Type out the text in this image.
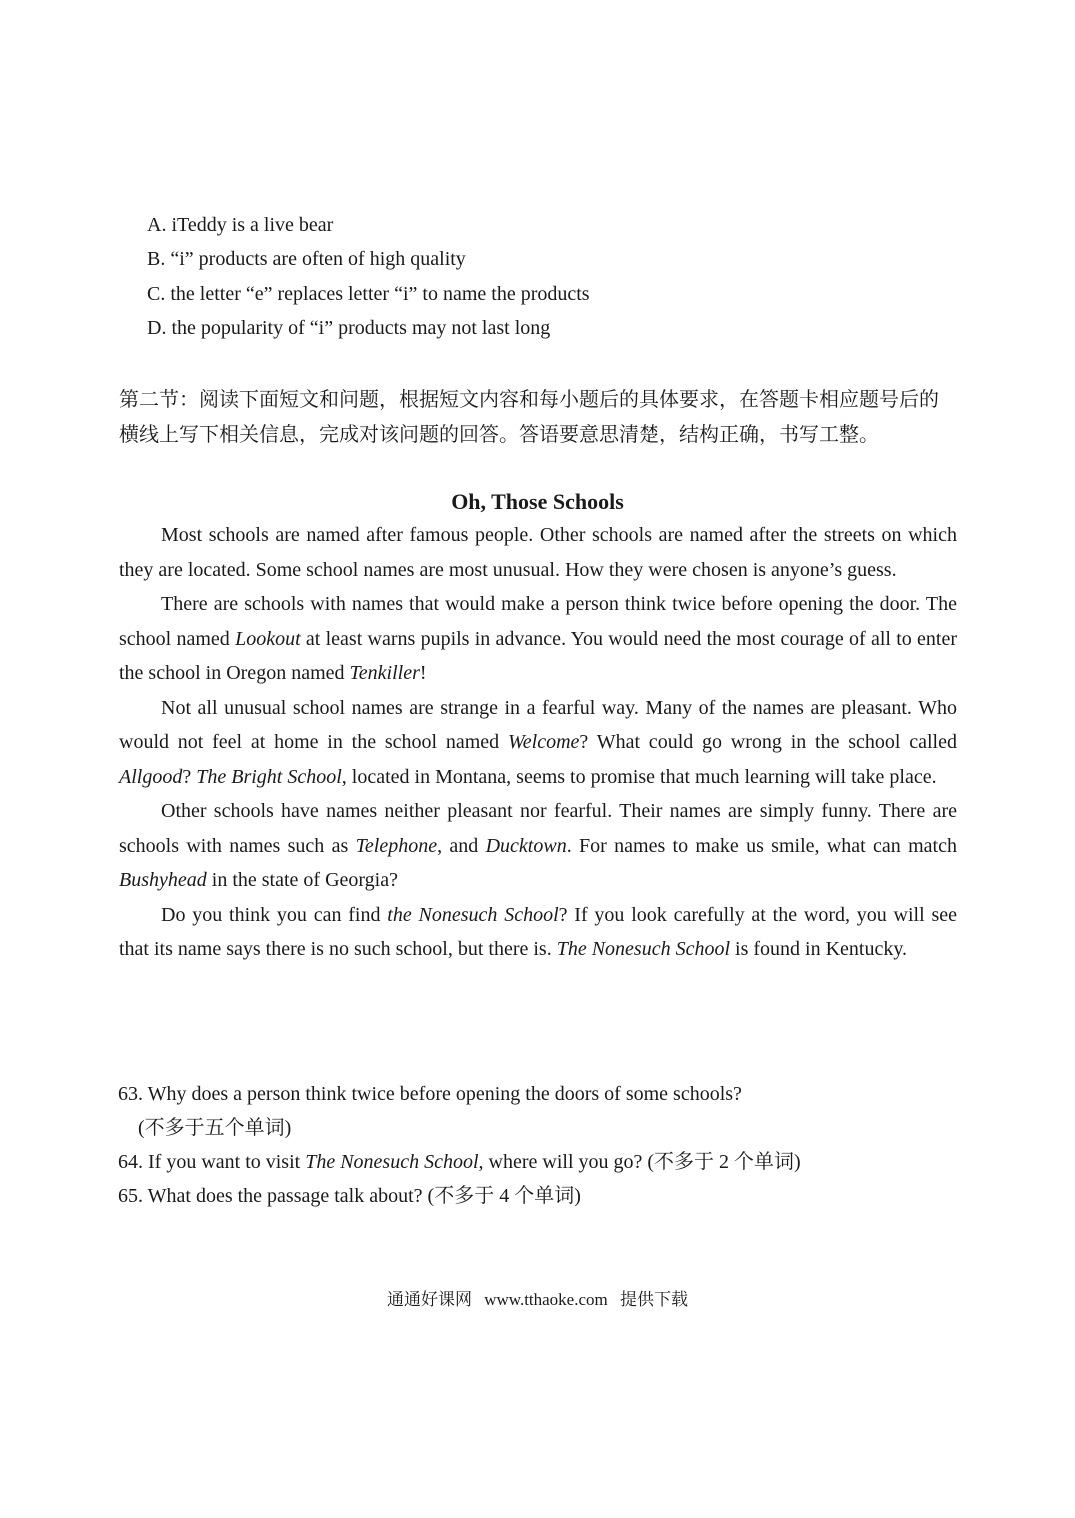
A. iTeddy is a live bear
B. “i” products are often of high quality
C. the letter “e” replaces letter “i” to name the products
D. the popularity of “i” products may not last long
第二节：阅读下面短文和问题，根据短文内容和每小题后的具体要求，在答题卡相应题号后的横线上写下相关信息，完成对该问题的回答。答语要意思清楚，结构正确，书写工整。
Oh, Those Schools

Most schools are named after famous people. Other schools are named after the streets on which they are located. Some school names are most unusual. How they were chosen is anyone’s guess.

There are schools with names that would make a person think twice before opening the door. The school named Lookout at least warns pupils in advance. You would need the most courage of all to enter the school in Oregon named Tenkiller!

Not all unusual school names are strange in a fearful way. Many of the names are pleasant. Who would not feel at home in the school named Welcome? What could go wrong in the school called Allgood? The Bright School, located in Montana, seems to promise that much learning will take place.

Other schools have names neither pleasant nor fearful. Their names are simply funny. There are schools with names such as Telephone, and Ducktown. For names to make us smile, what can match Bushyhead in the state of Georgia?

Do you think you can find the Nonesuch School? If you look carefully at the word, you will see that its name says there is no such school, but there is. The Nonesuch School is found in Kentucky.

63. Why does a person think twice before opening the doors of some schools?
(不多于五个单词)
64. If you want to visit The Nonesuch School, where will you go? (不多于 2 个单词)
65. What does the passage talk about? (不多于 4 个单词)
通通好课网 www.tthaoke.com 提供下载
